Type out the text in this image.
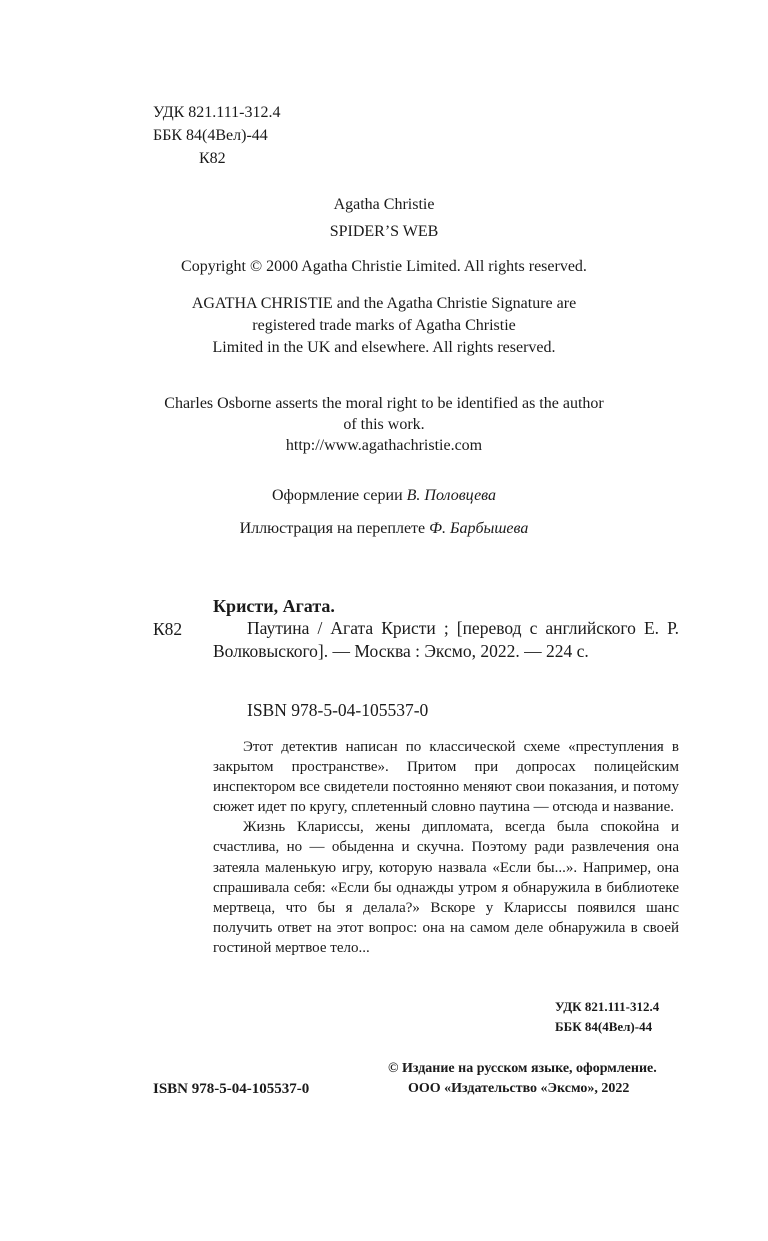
УДК 821.111-312.4
ББК 84(4Вел)-44
К82
Agatha Christie
SPIDER’S WEB
Copyright © 2000 Agatha Christie Limited. All rights reserved.
AGATHA CHRISTIE and the Agatha Christie Signature are
registered trade marks of Agatha Christie
Limited in the UK and elsewhere. All rights reserved.
Charles Osborne asserts the moral right to be identified as the author
of this work.
http://www.agathachristie.com
Оформление серии В. Половцева
Иллюстрация на переплете Ф. Барбышева
Кристи, Агата.
К82	Паутина / Агата Кристи ; [перевод с английского Е. Р. Волковыского]. — Москва : Эксмо, 2022. — 224 с.
ISBN 978-5-04-105537-0

Этот детектив написан по классической схеме «преступления в закрытом пространстве». Притом при допросах полицейским инспектором все свидетели постоянно меняют свои показания, и потому сюжет идет по кругу, сплетенный словно паутина — отсюда и название.

Жизнь Клариссы, жены дипломата, всегда была спокойна и счастлива, но — обыденна и скучна. Поэтому ради развлечения она затеяла маленькую игру, которую назвала «Если бы...». Например, она спрашивала себя: «Если бы однажды утром я обнаружила в библиотеке мертвеца, что бы я делала?» Вскоре у Клариссы появился шанс получить ответ на этот вопрос: она на самом деле обнаружила в своей гостиной мертвое тело...

УДК 821.111-312.4
ББК 84(4Вел)-44
© Издание на русском языке, оформление.
ООО «Издательство «Эксмо», 2022
ISBN 978-5-04-105537-0
